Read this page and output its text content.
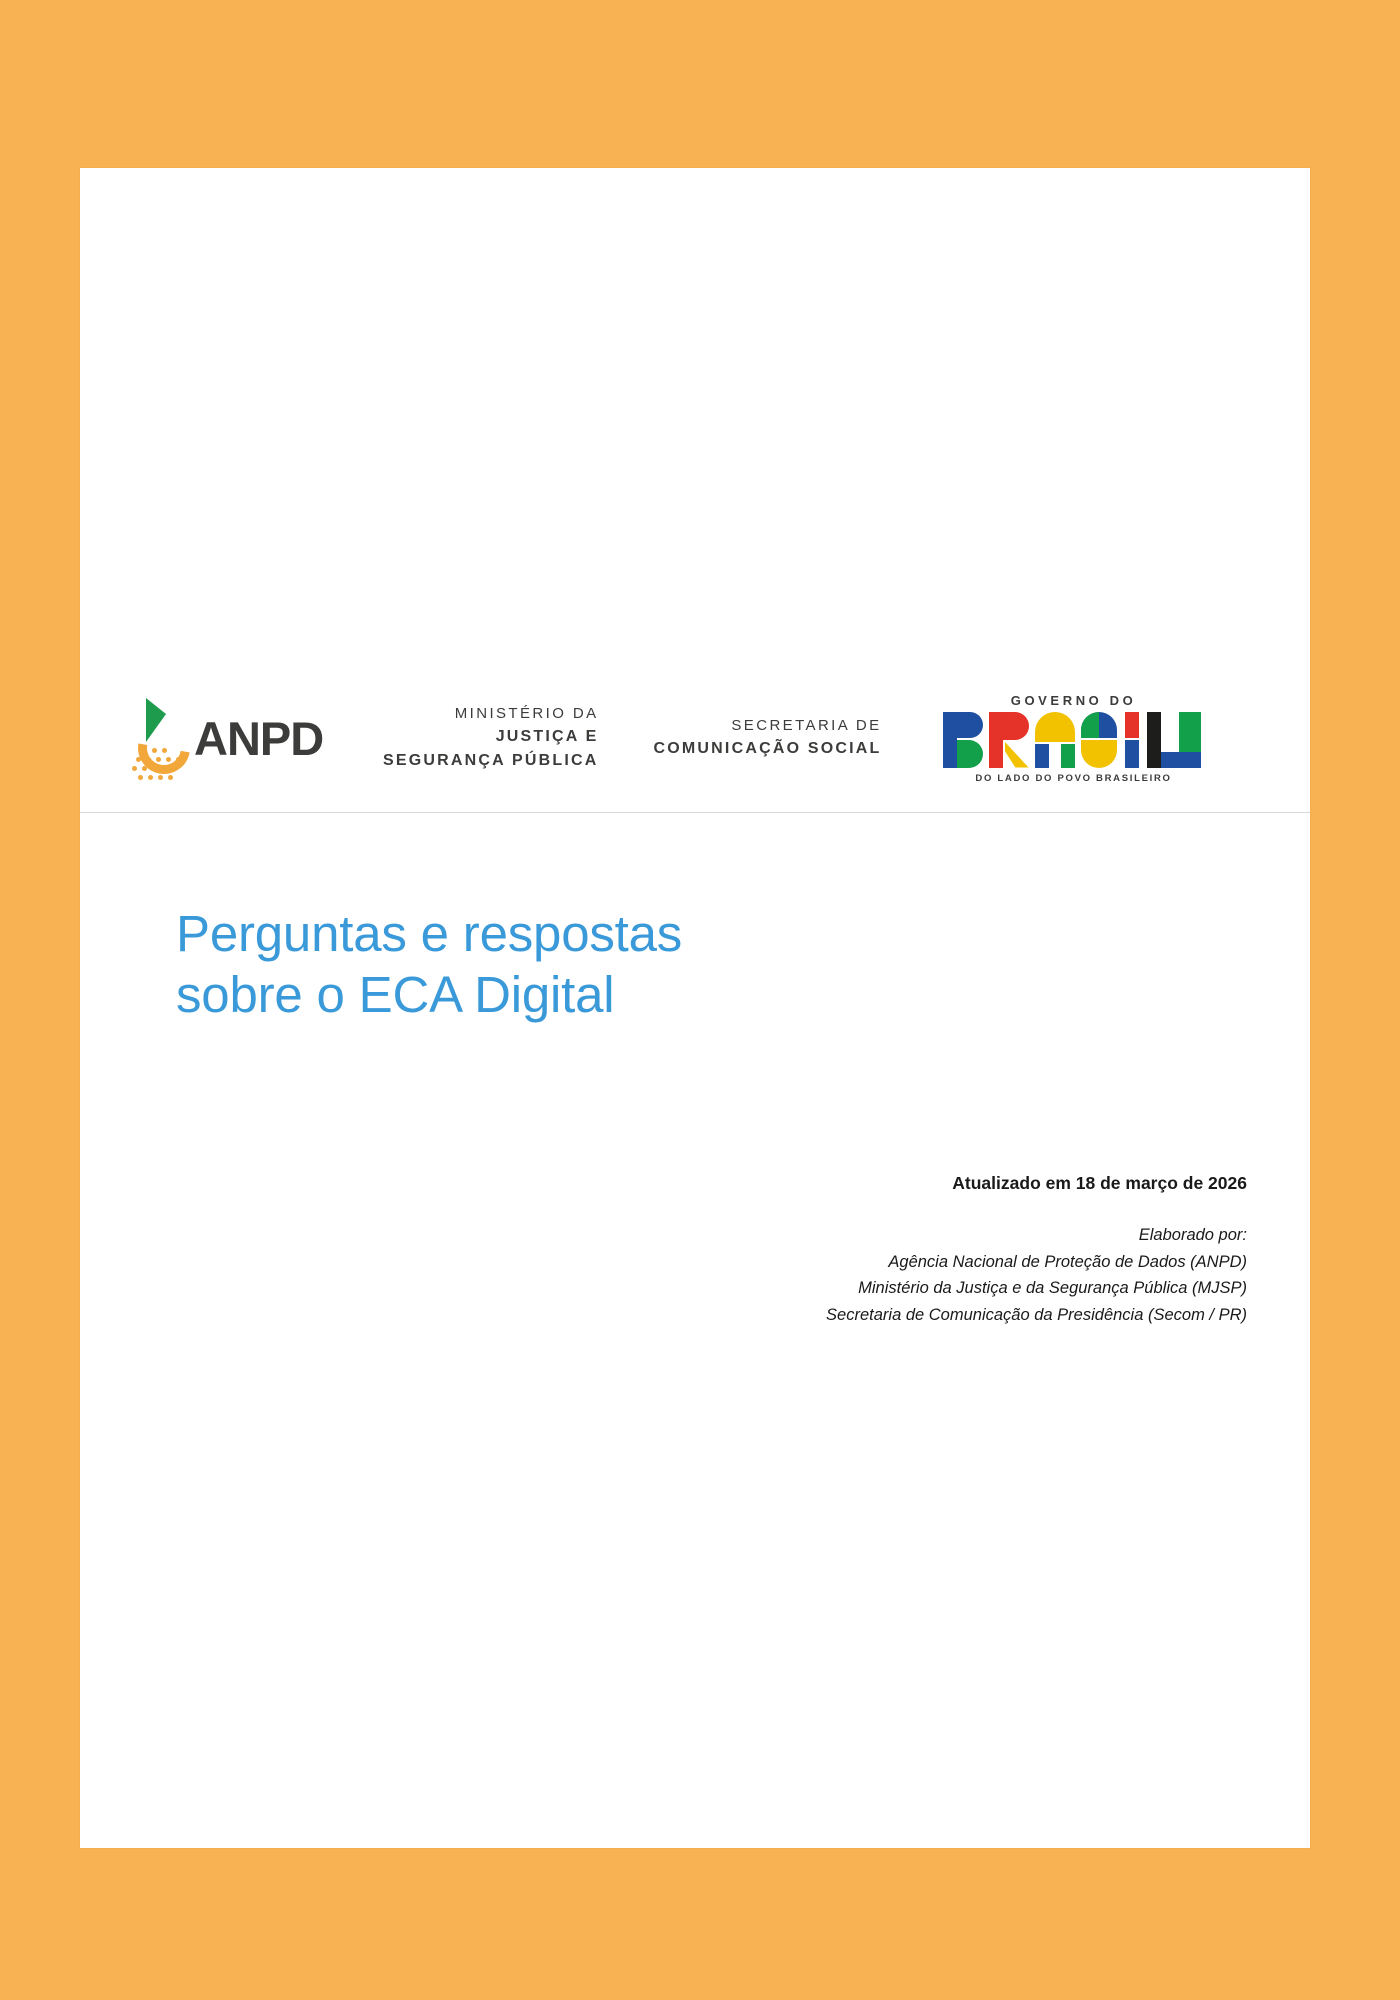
ANPD	MINISTÉRIO DA
JUSTIÇA E
SEGURANÇA PÚBLICA
SECRETARIA DE
COMUNICAÇÃO SOCIAL
GOVERNO DO
DO LADO DO POVO BRASILEIRO
Perguntas e respostas
sobre o ECA Digital
Atualizado em 18 de março de 2026
Elaborado por:
Agência Nacional de Proteção de Dados (ANPD)
Ministério da Justiça e da Segurança Pública (MJSP)
Secretaria de Comunicação da Presidência (Secom / PR)
